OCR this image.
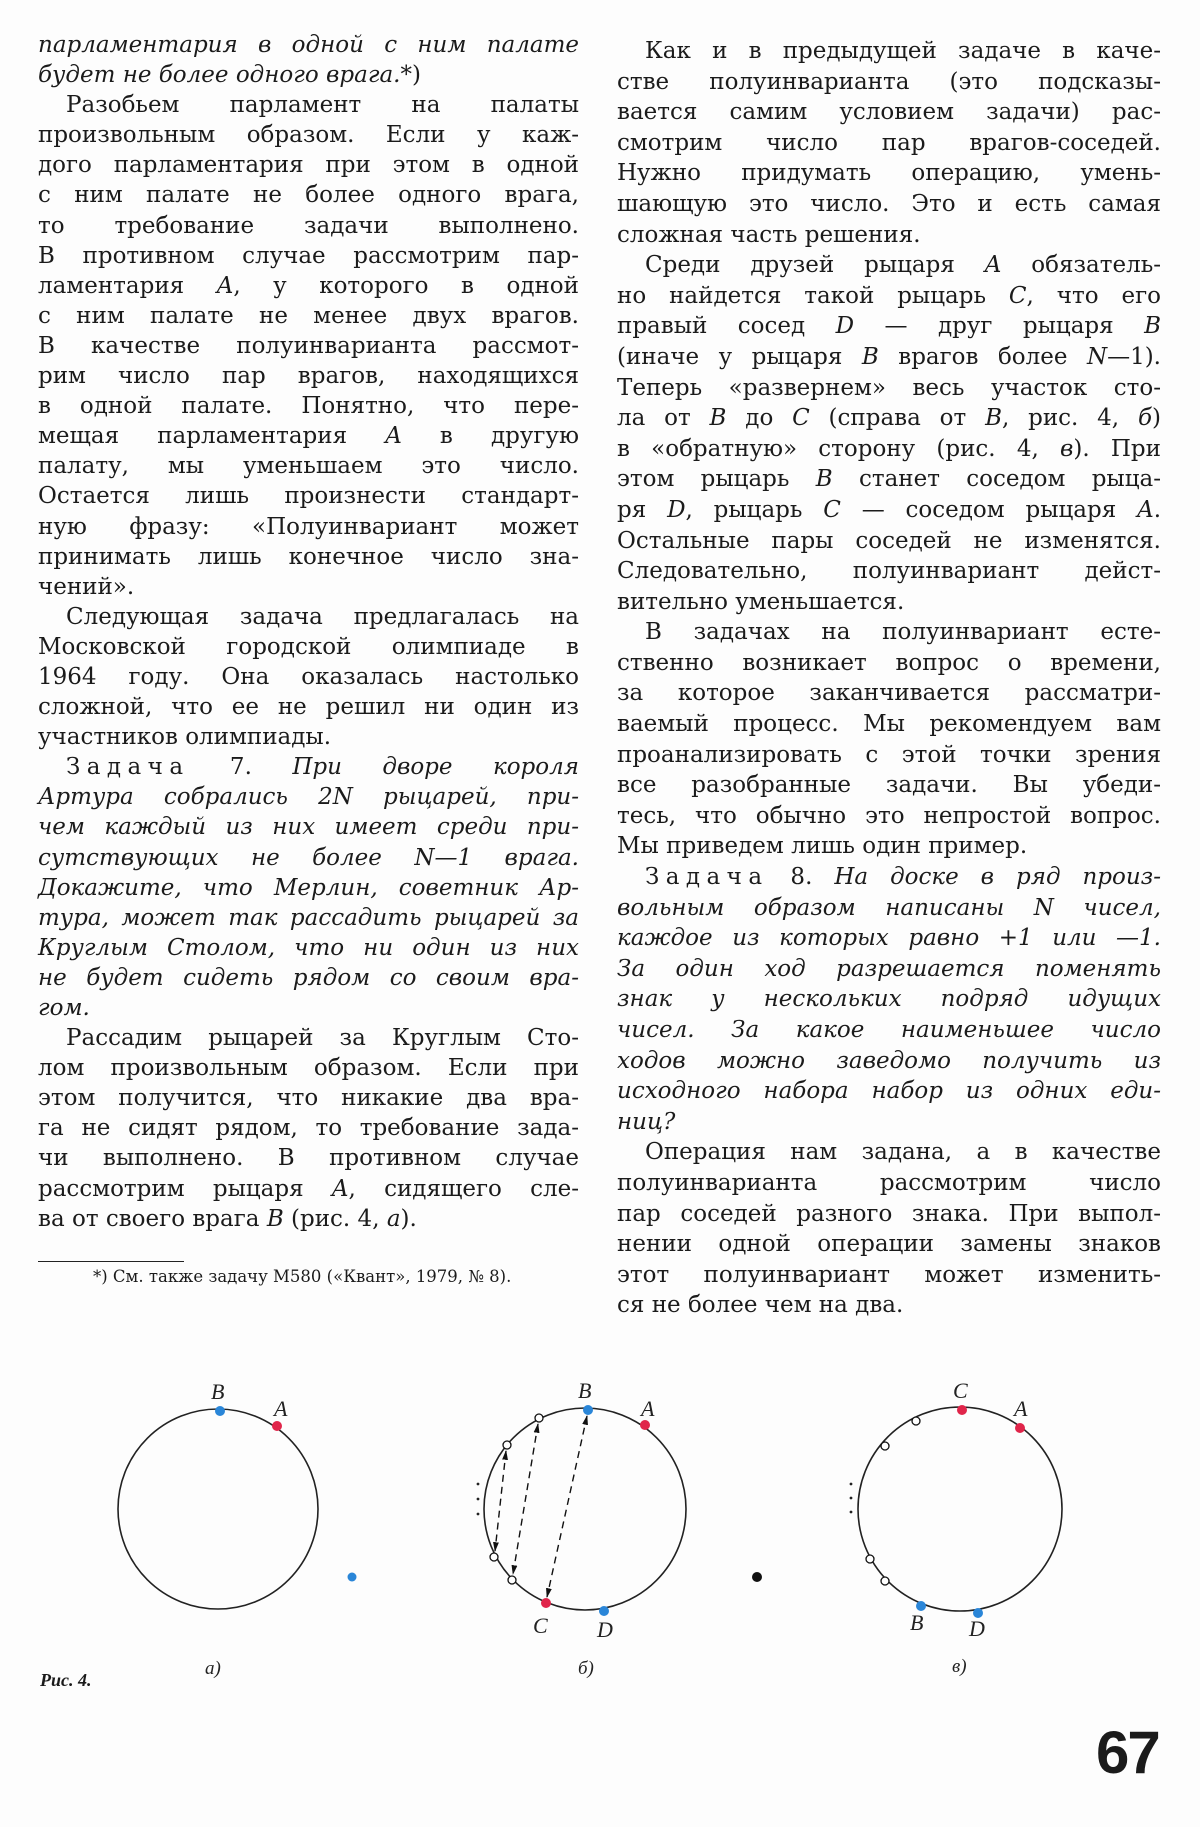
парламентария в одной с ним палате
будет не более одного врага.*)
Разобьем парламент на палаты
произвольным образом. Если у каж-
дого парламентария при этом в одной
с ним палате не более одного врага,
то требование задачи выполнено.
В противном случае рассмотрим пар-
ламентария A, у которого в одной
с ним палате не менее двух врагов.
В качестве полуинварианта рассмот-
рим число пар врагов, находящихся
в одной палате. Понятно, что пере-
мещая парламентария A в другую
палату, мы уменьшаем это число.
Остается лишь произнести стандарт-
ную фразу: «Полуинвариант может
принимать лишь конечное число зна-
чений».
Следующая задача предлагалась на
Московской городской олимпиаде в
1964 году. Она оказалась настолько
сложной, что ее не решил ни один из
участников олимпиады.
Задача 7. При дворе короля
Артура собрались 2N рыцарей, при-
чем каждый из них имеет среди при-
сутствующих не более N—1 врага.
Докажите, что Мерлин, советник Ар-
тура, может так рассадить рыцарей за
Круглым Столом, что ни один из них
не будет сидеть рядом со своим вра-
гом.
Рассадим рыцарей за Круглым Сто-
лом произвольным образом. Если при
этом получится, что никакие два вра-
га не сидят рядом, то требование зада-
чи выполнено. В противном случае
рассмотрим рыцаря A, сидящего сле-
ва от своего врага B (рис. 4, а).
Как и в предыдущей задаче в каче-
стве полуинварианта (это подсказы-
вается самим условием задачи) рас-
смотрим число пар врагов-соседей.
Нужно придумать операцию, умень-
шающую это число. Это и есть самая
сложная часть решения.
Среди друзей рыцаря A обязатель-
но найдется такой рыцарь C, что его
правый сосед D — друг рыцаря B
(иначе у рыцаря B врагов более N—1).
Теперь «развернем» весь участок сто-
ла от B до C (справа от B, рис. 4, б)
в «обратную» сторону (рис. 4, в). При
этом рыцарь B станет соседом рыца-
ря D, рыцарь C — соседом рыцаря A.
Остальные пары соседей не изменятся.
Следовательно, полуинвариант дейст-
вительно уменьшается.
В задачах на полуинвариант есте-
ственно возникает вопрос о времени,
за которое заканчивается рассматри-
ваемый процесс. Мы рекомендуем вам
проанализировать с этой точки зрения
все разобранные задачи. Вы убеди-
тесь, что обычно это непростой вопрос.
Мы приведем лишь один пример.
Задача 8. На доске в ряд произ-
вольным образом написаны N чисел,
каждое из которых равно +1 или —1.
За один ход разрешается поменять
знак у нескольких подряд идущих
чисел. За какое наименьшее число
ходов можно заведомо получить из
исходного набора набор из одних еди-
ниц?
Операция нам задана, а в качестве
полуинварианта рассмотрим число
пар соседей разного знака. При выпол-
нении одной операции замены знаков
этот полуинвариант может изменить-
ся не более чем на два.
*) См. также задачу М580 («Квант», 1979, № 8).
B
A
а)
B
A
C D
б)
C
A
B D
в)
Рис. 4.
67
